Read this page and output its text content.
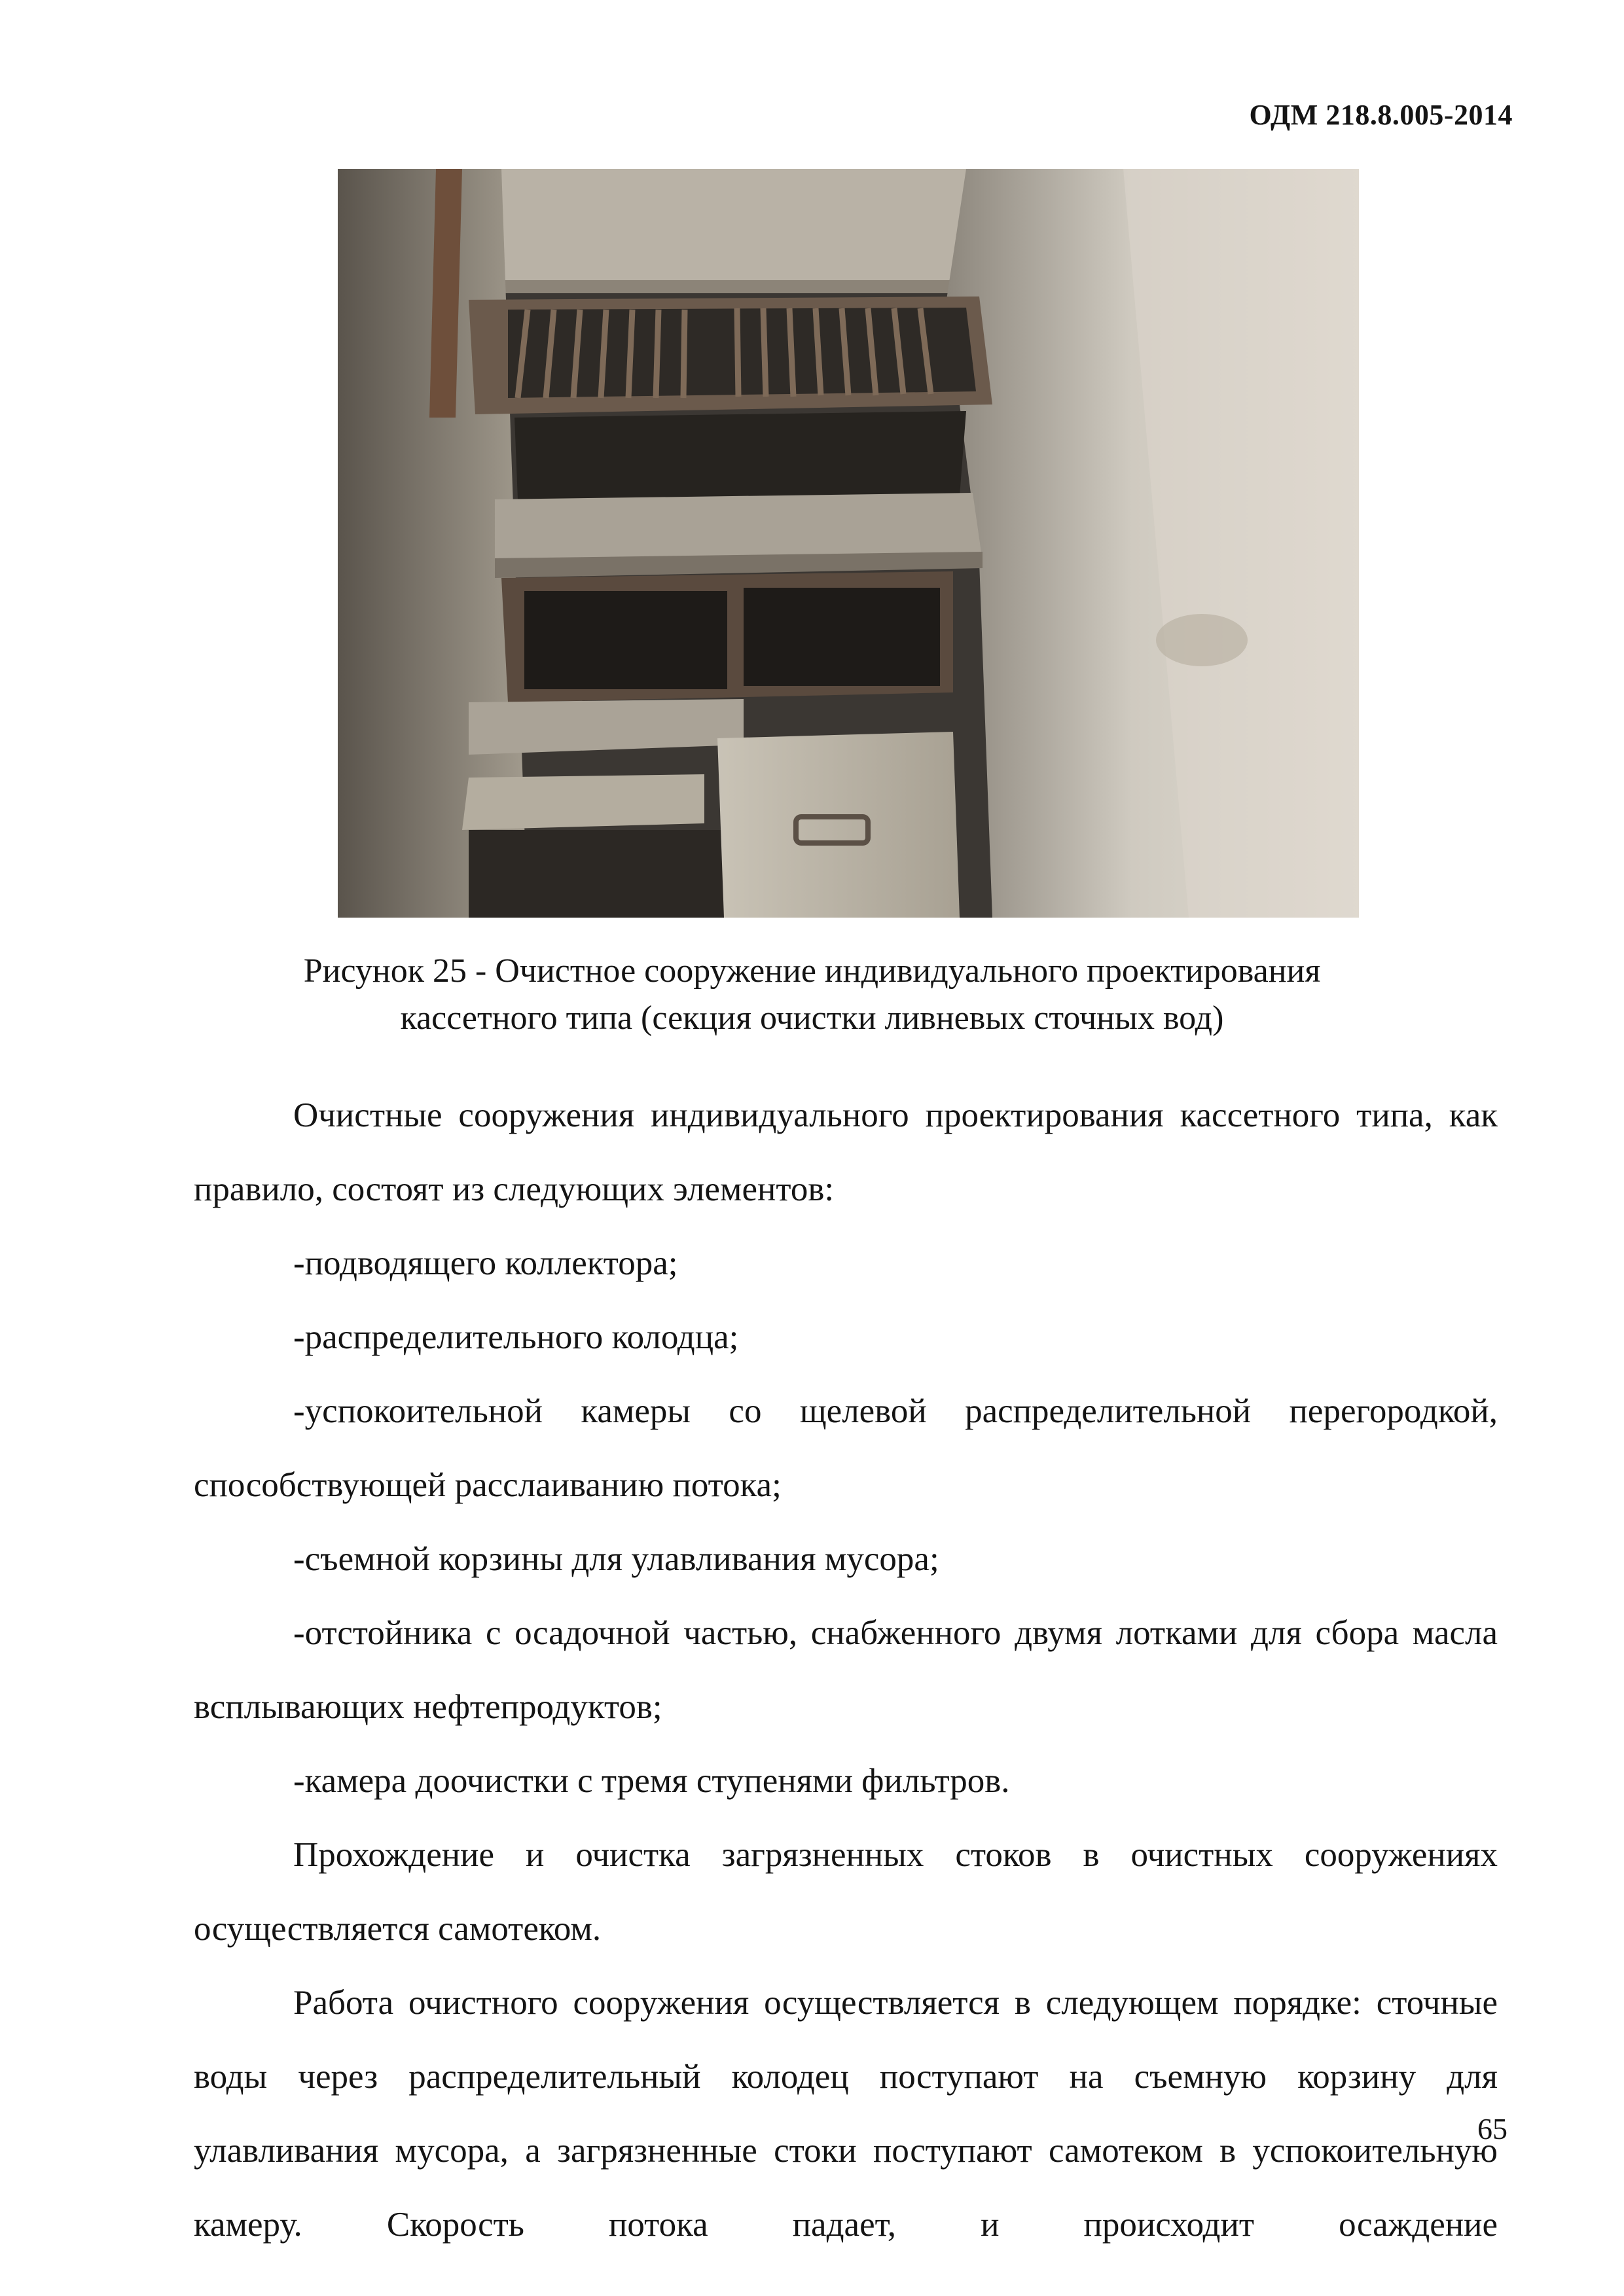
ОДМ 218.8.005-2014
Рисунок 25 - Очистное сооружение индивидуального проектирования
кассетного типа (секция очистки ливневых сточных вод)

Очистные сооружения индивидуального проектирования кассетного типа, как правило, состоят из следующих элементов:

-подводящего коллектора;

-распределительного колодца;

-успокоительной камеры со щелевой распределительной перегородкой, способствующей расслаиванию потока;

-съемной корзины для улавливания мусора;

-отстойника с осадочной частью, снабженного двумя лотками для сбора масла всплывающих нефтепродуктов;

-камера доочистки с тремя ступенями фильтров.

Прохождение и очистка загрязненных стоков в очистных сооружениях осуществляется самотеком.

Работа очистного сооружения осуществляется в следующем порядке: сточные воды через распределительный колодец поступают на съемную корзину для улавливания мусора, а загрязненные стоки поступают самотеком в успокоительную камеру. Скорость потока падает, и происходит осаждение

65
